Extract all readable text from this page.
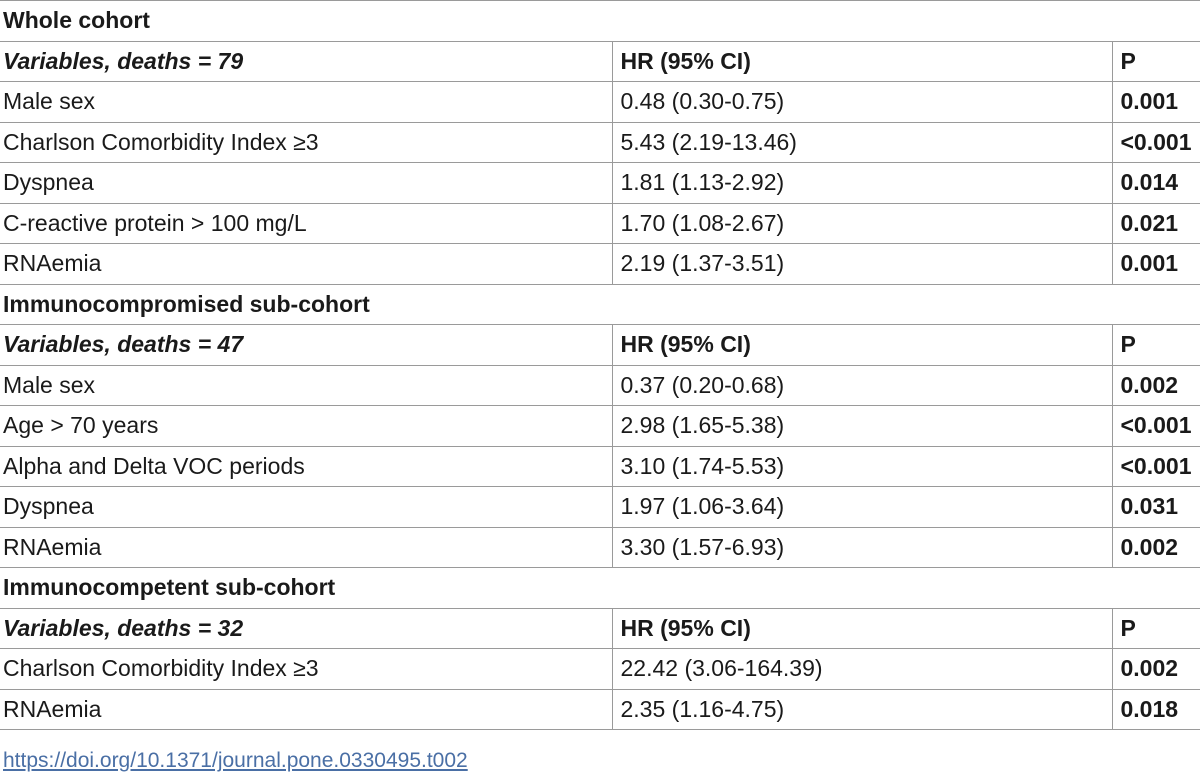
Whole cohort		
Variables, deaths = 79	HR (95% CI)	P
Male sex	0.48 (0.30-0.75)	0.001
Charlson Comorbidity Index ≥3	5.43 (2.19-13.46)	<0.001
Dyspnea	1.81 (1.13-2.92)	0.014
C-reactive protein > 100 mg/L	1.70 (1.08-2.67)	0.021
RNAemia	2.19 (1.37-3.51)	0.001
Immunocompromised sub-cohort		
Variables, deaths = 47	HR (95% CI)	P
Male sex	0.37 (0.20-0.68)	0.002
Age > 70 years	2.98 (1.65-5.38)	<0.001
Alpha and Delta VOC periods	3.10 (1.74-5.53)	<0.001
Dyspnea	1.97 (1.06-3.64)	0.031
RNAemia	3.30 (1.57-6.93)	0.002
Immunocompetent sub-cohort		
Variables, deaths = 32	HR (95% CI)	P
Charlson Comorbidity Index ≥3	22.42 (3.06-164.39)	0.002
RNAemia	2.35 (1.16-4.75)	0.018
https://doi.org/10.1371/journal.pone.0330495.t002
